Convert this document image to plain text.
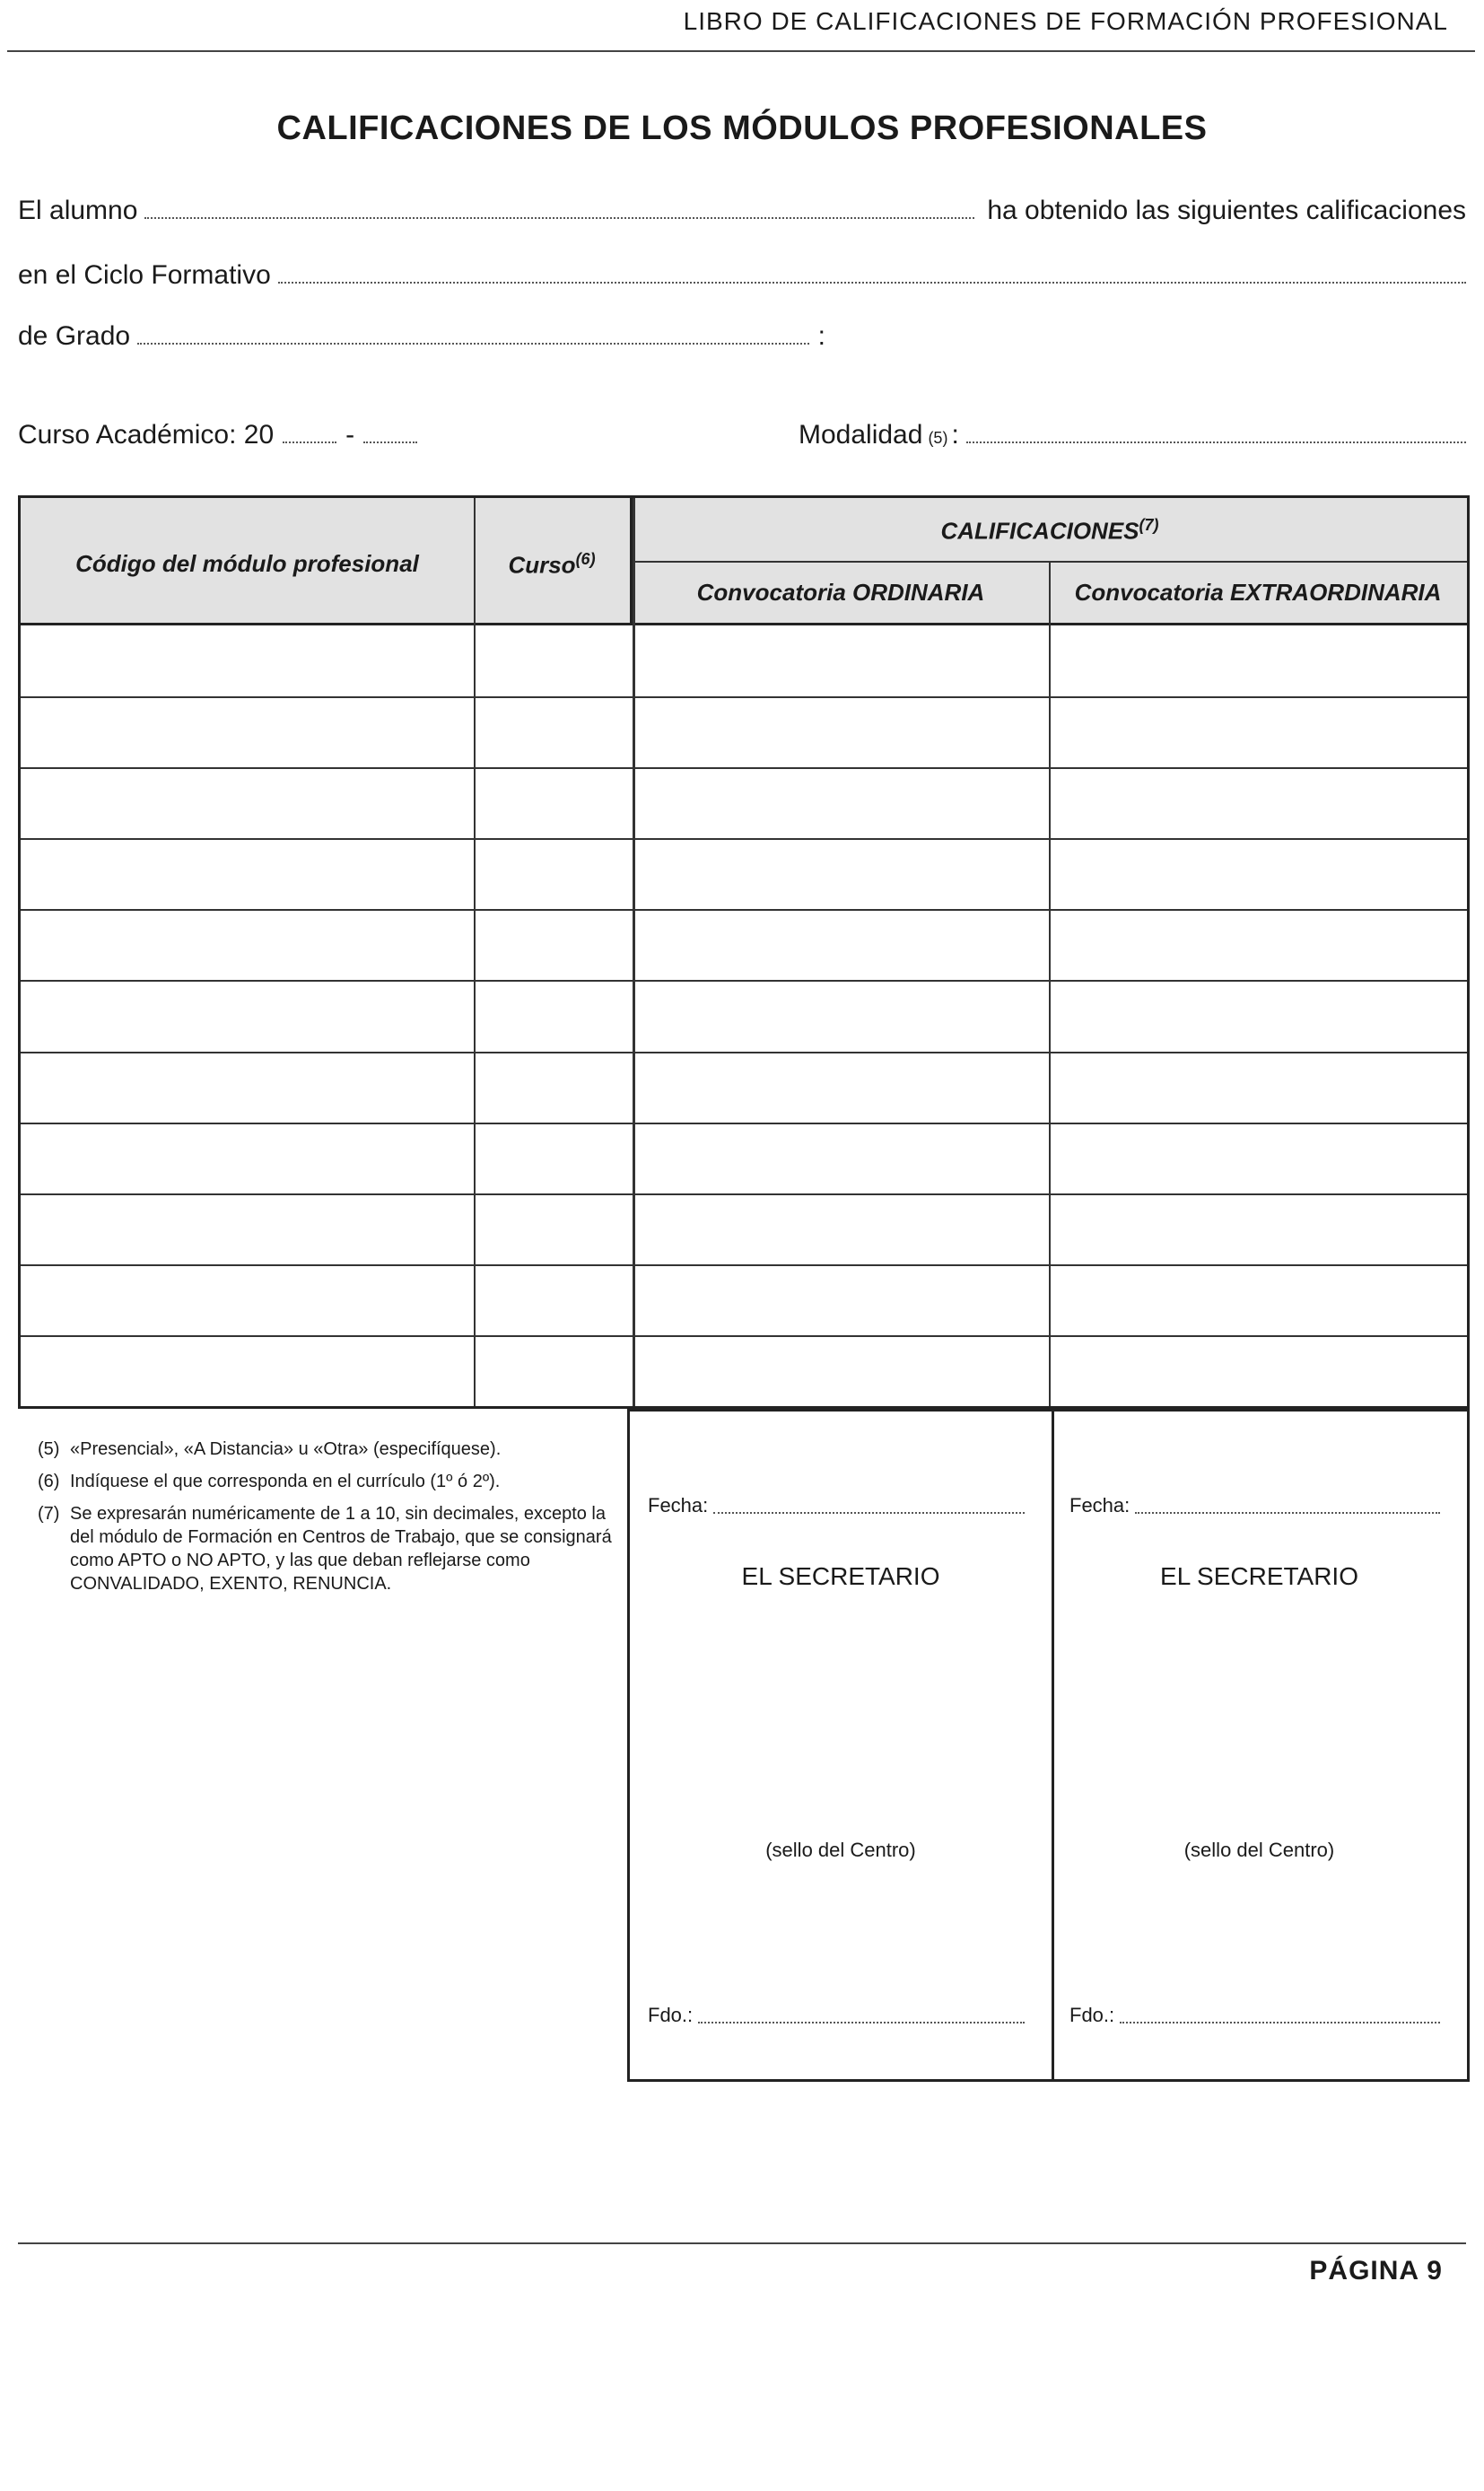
LIBRO DE CALIFICACIONES DE FORMACIÓN PROFESIONAL
CALIFICACIONES DE LOS MÓDULOS PROFESIONALES
El alumno	ha obtenido las siguientes calificaciones
en el Ciclo Formativo
de Grado	:
Curso Académico: 20	-	Modalidad (5) :
Código del módulo profesional	Curso$^{(6)}$
CALIFICACIONES$^{(7)}$
Convocatoria ORDINARIA	Convocatoria EXTRAORDINARIA
(5) «Presencial», «A Distancia» u «Otra» (especifíquese).
(6) Indíquese el que corresponda en el currículo (1º ó 2º).
(7) Se expresarán numéricamente de 1 a 10, sin decimales, excepto la del módulo de Formación en Centros de Trabajo, que se consignará como APTO o NO APTO, y las que deban reflejarse como CONVALIDADO, EXENTO, RENUNCIA.
Fecha:
EL SECRETARIO
(sello del Centro)
Fdo.:
Fecha:
EL SECRETARIO
(sello del Centro)
Fdo.:
PÁGINA 9
